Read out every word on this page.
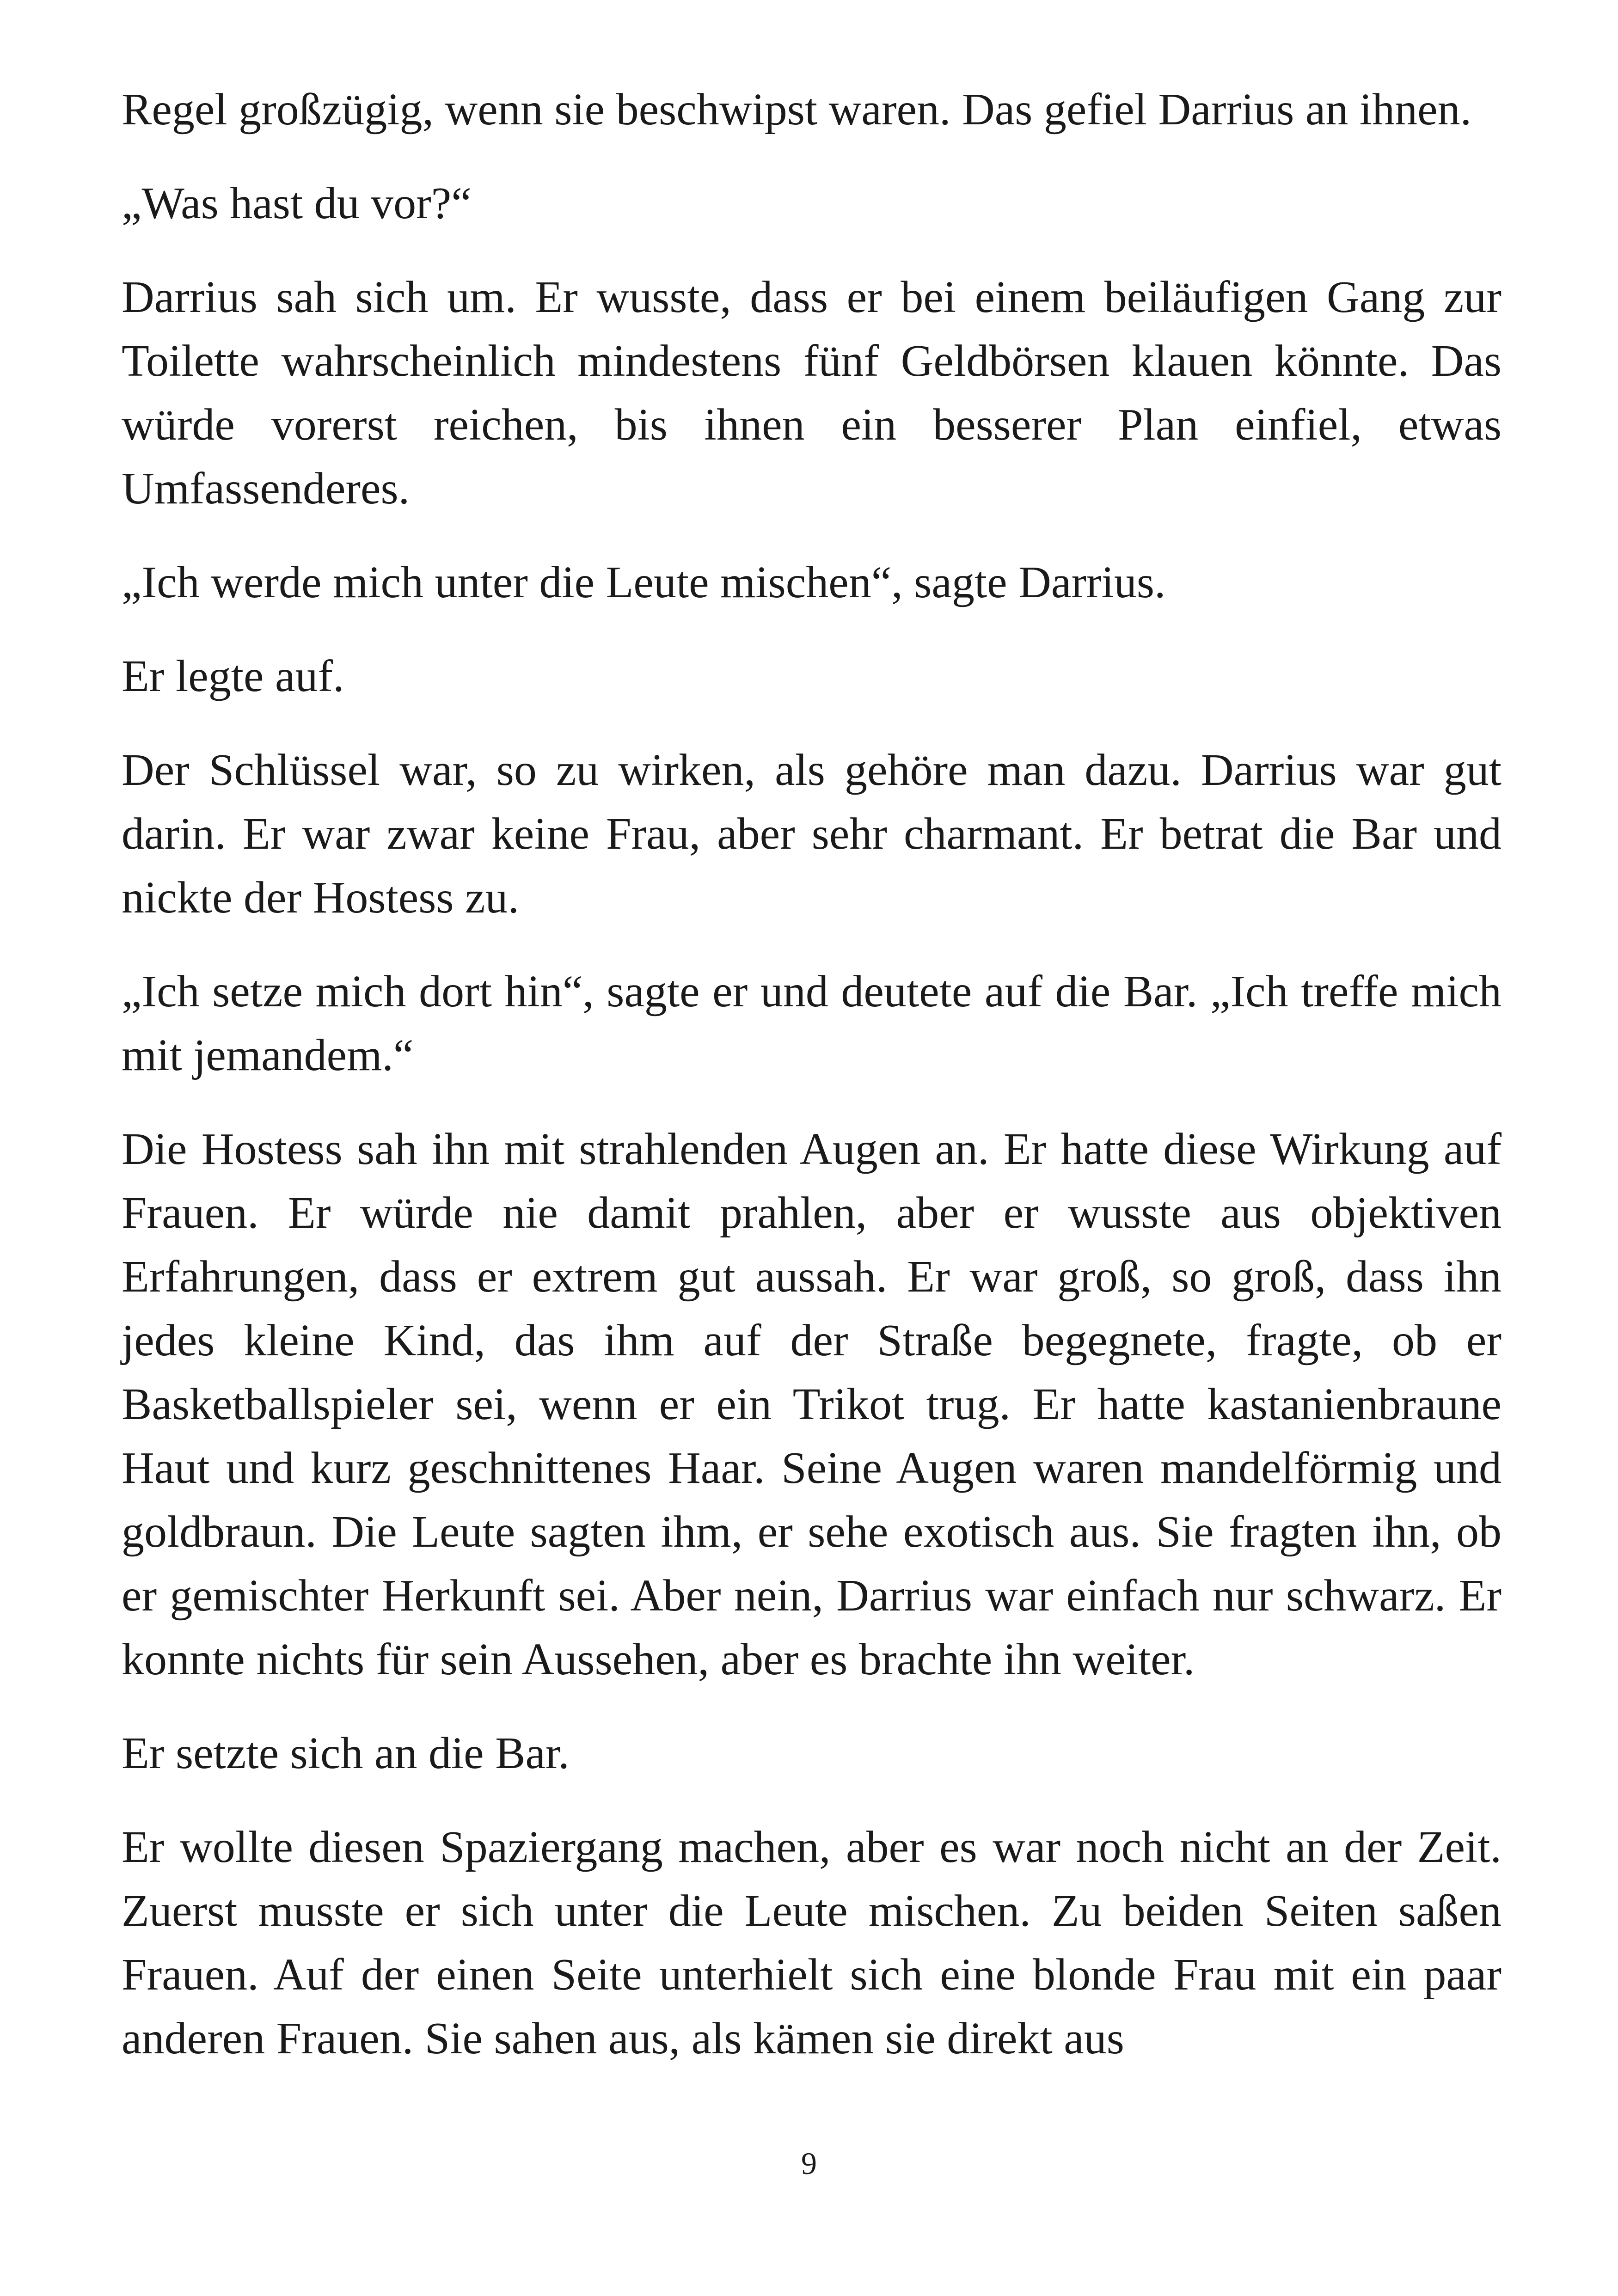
Regel großzügig, wenn sie beschwipst waren. Das gefiel Darrius an ihnen.

„Was hast du vor?“

Darrius sah sich um. Er wusste, dass er bei einem beiläufigen Gang zur Toilette wahrscheinlich mindestens fünf Geldbörsen klauen könnte. Das würde vorerst reichen, bis ihnen ein besserer Plan einfiel, etwas Umfassenderes.

„Ich werde mich unter die Leute mischen“, sagte Darrius.

Er legte auf.

Der Schlüssel war, so zu wirken, als gehöre man dazu. Darrius war gut darin. Er war zwar keine Frau, aber sehr charmant. Er betrat die Bar und nickte der Hostess zu.

„Ich setze mich dort hin“, sagte er und deutete auf die Bar. „Ich treffe mich mit jemandem.“

Die Hostess sah ihn mit strahlenden Augen an. Er hatte diese Wirkung auf Frauen. Er würde nie damit prahlen, aber er wusste aus objektiven Erfahrungen, dass er extrem gut aussah. Er war groß, so groß, dass ihn jedes kleine Kind, das ihm auf der Straße begegnete, fragte, ob er Basketballspieler sei, wenn er ein Trikot trug. Er hatte kastanienbraune Haut und kurz geschnittenes Haar. Seine Augen waren mandelförmig und goldbraun. Die Leute sagten ihm, er sehe exotisch aus. Sie fragten ihn, ob er gemischter Herkunft sei. Aber nein, Darrius war einfach nur schwarz. Er konnte nichts für sein Aussehen, aber es brachte ihn weiter.

Er setzte sich an die Bar.

Er wollte diesen Spaziergang machen, aber es war noch nicht an der Zeit. Zuerst musste er sich unter die Leute mischen. Zu beiden Seiten saßen Frauen. Auf der einen Seite unterhielt sich eine blonde Frau mit ein paar anderen Frauen. Sie sahen aus, als kämen sie direkt aus

9
